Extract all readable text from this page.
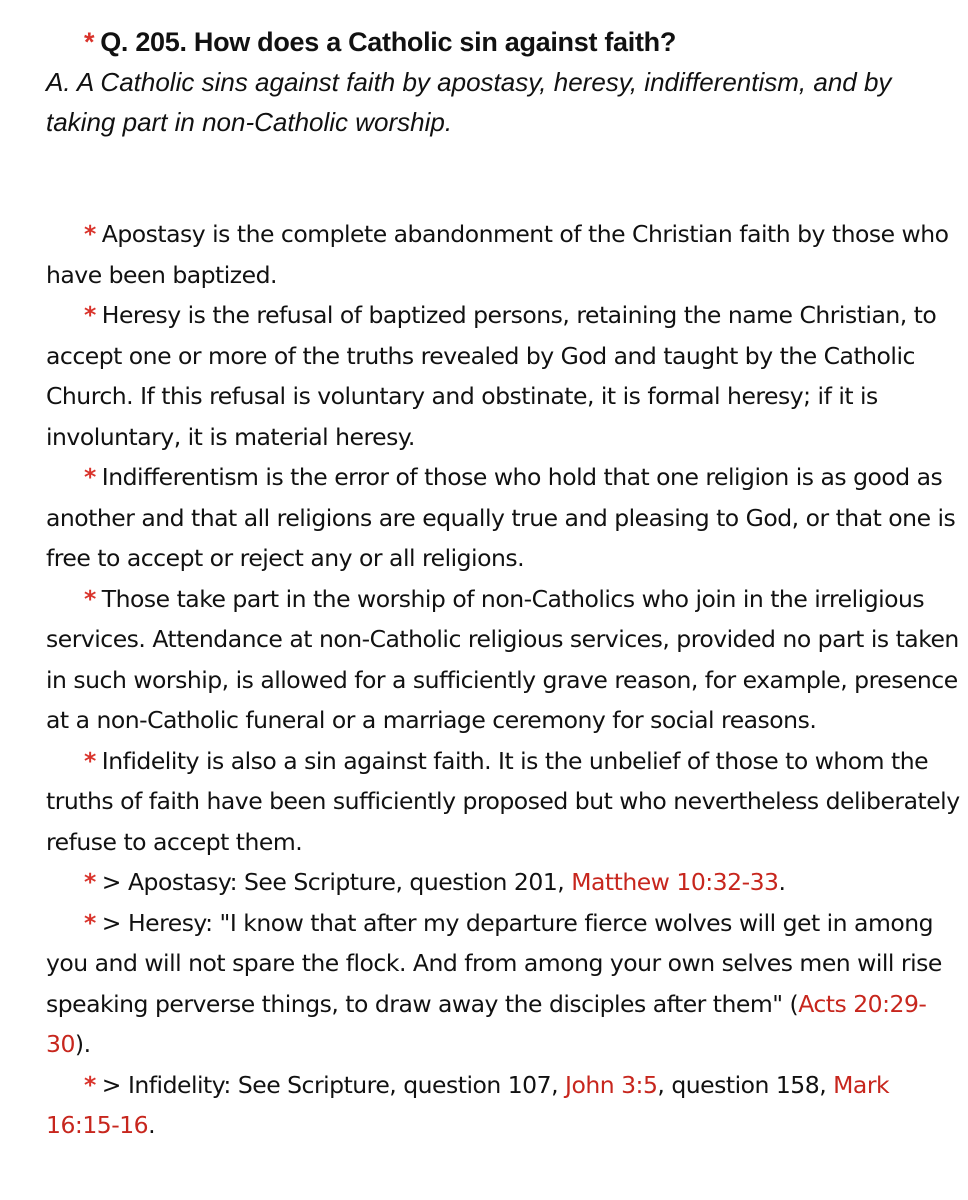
* Q. 205. How does a Catholic sin against faith?

A. A Catholic sins against faith by apostasy, heresy, indifferentism, and by taking part in non-Catholic worship.

* Apostasy is the complete abandonment of the Christian faith by those who have been baptized.

* Heresy is the refusal of baptized persons, retaining the name Christian, to accept one or more of the truths revealed by God and taught by the Catholic Church. If this refusal is voluntary and obstinate, it is formal heresy; if it is involuntary, it is material heresy.

* Indifferentism is the error of those who hold that one religion is as good as another and that all religions are equally true and pleasing to God, or that one is free to accept or reject any or all religions.

* Those take part in the worship of non-Catholics who join in the irreligious services. Attendance at non-Catholic religious services, provided no part is taken in such worship, is allowed for a sufficiently grave reason, for example, presence at a non-Catholic funeral or a marriage ceremony for social reasons.

* Infidelity is also a sin against faith. It is the unbelief of those to whom the truths of faith have been sufficiently proposed but who nevertheless deliberately refuse to accept them.

* > Apostasy: See Scripture, question 201, Matthew 10:32-33.

* > Heresy: "I know that after my departure fierce wolves will get in among you and will not spare the flock. And from among your own selves men will rise speaking perverse things, to draw away the disciples after them" (Acts 20:29-30).

* > Infidelity: See Scripture, question 107, John 3:5, question 158, Mark 16:15-16.
